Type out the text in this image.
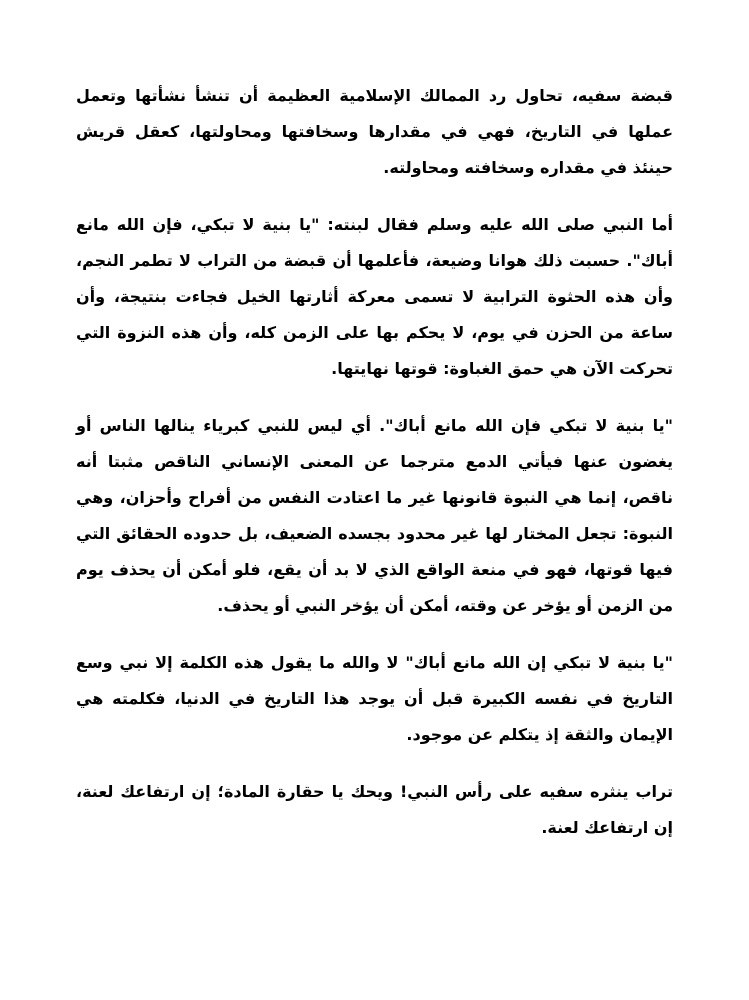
قبضة سفيه، تحاول رد الممالك الإسلامية العظيمة أن تنشأ نشأتها وتعمل عملها في التاريخ، فهي في مقدارها وسخافتها ومحاولتها، كعقل قريش حينئذ في مقداره وسخافته ومحاولته.

أما النبي صلى الله عليه وسلم فقال لبنته: "يا بنية لا تبكي، فإن الله مانع أباك". حسبت ذلك هوانا وضيعة، فأعلمها أن قبضة من التراب لا تطمر النجم، وأن هذه الحثوة الترابية لا تسمى معركة أثارتها الخيل فجاءت بنتيجة، وأن ساعة من الحزن في يوم، لا يحكم بها على الزمن كله، وأن هذه النزوة التي تحركت الآن هي حمق الغباوة: قوتها نهايتها.

"يا بنية لا تبكي فإن الله مانع أباك". أي ليس للنبي كبرياء ينالها الناس أو يغضون عنها فيأتي الدمع مترجما عن المعنى الإنساني الناقص مثبتا أنه ناقص، إنما هي النبوة قانونها غير ما اعتادت النفس من أفراح وأحزان، وهي النبوة: تجعل المختار لها غير محدود بجسده الضعيف، بل حدوده الحقائق التي فيها قوتها، فهو في منعة الواقع الذي لا بد أن يقع، فلو أمكن أن يحذف يوم من الزمن أو يؤخر عن وقته، أمكن أن يؤخر النبي أو يحذف.

"يا بنية لا تبكي إن الله مانع أباك" لا والله ما يقول هذه الكلمة إلا نبي وسع التاريخ في نفسه الكبيرة قبل أن يوجد هذا التاريخ في الدنيا، فكلمته هي الإيمان والثقة إذ يتكلم عن موجود.

تراب ينثره سفيه على رأس النبي! ويحك يا حقارة المادة؛ إن ارتفاعك لعنة، إن ارتفاعك لعنة.
